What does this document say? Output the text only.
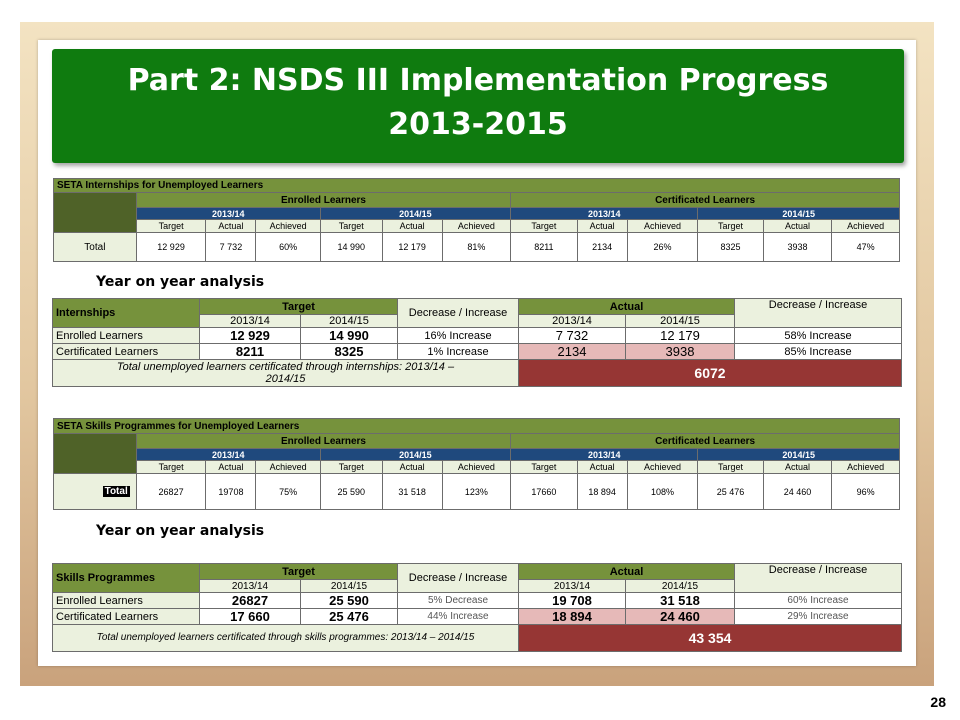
Part 2: NSDS III Implementation Progress
2013-2015
SETA Internships for Unemployed Learners												
	Enrolled Learners						Certificated Learners					
	2013/14			2014/15			2013/14			2014/15		
	Target	Actual	Achieved	Target	Actual	Achieved	Target	Actual	Achieved	Target	Actual	Achieved
Total	12 929	7 732	60%	14 990	12 179	81%	8211	2134	26%	8325	3938	47%
Year on year analysis
Internships	Target		Decrease / Increase	Actual		Decrease / Increase
	2013/14	2014/15		2013/14	2014/15	
Enrolled Learners	12 929	14 990	16% Increase	7 732	12 179	58% Increase
Certificated Learners	8211	8325	1% Increase	2134	3938	85% Increase
Total unemployed learners certificated through internships: 2013/14 – 2014/15				6072		
SETA Skills Programmes for Unemployed Learners												
	Enrolled Learners						Certificated Learners					
	2013/14			2014/15			2013/14			2014/15		
	Target	Actual	Achieved	Target	Actual	Achieved	Target	Actual	Achieved	Target	Actual	Achieved
Total	26827	19708	75%	25 590	31 518	123%	17660	18 894	108%	25 476	24 460	96%
Year on year analysis
Skills Programmes	Target		Decrease / Increase	Actual		Decrease / Increase
	2013/14	2014/15		2013/14	2014/15	
Enrolled Learners	26827	25 590	5% Decrease	19 708	31 518	60% Increase
Certificated Learners	17 660	25 476	44% Increase	18 894	24 460	29% Increase
Total unemployed learners certificated through skills programmes: 2013/14 – 2014/15				43 354		
28
